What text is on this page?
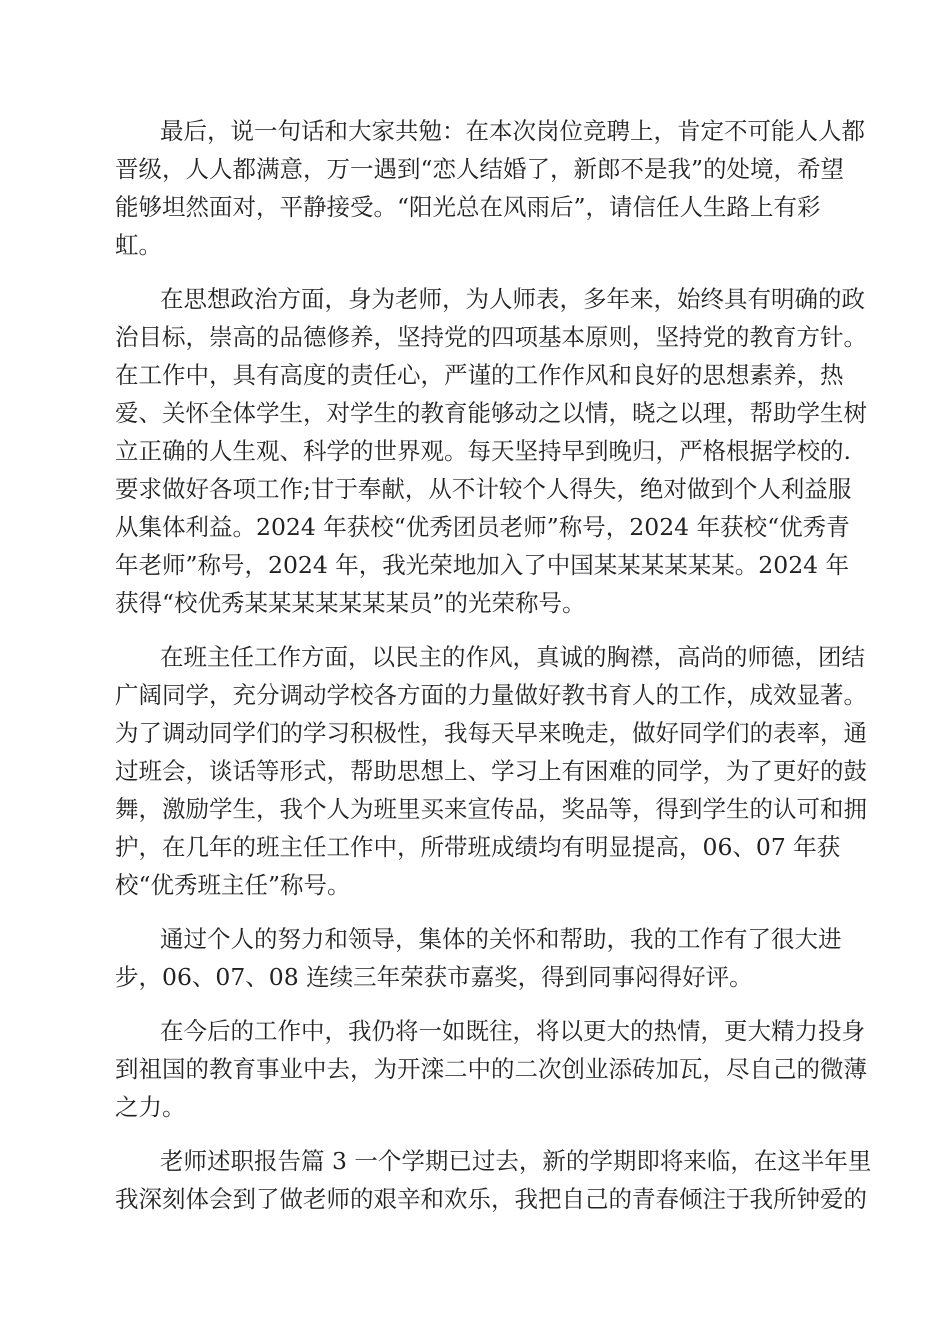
最后，说一句话和大家共勉：在本次岗位竞聘上，肯定不可能人人都
晋级，人人都满意，万一遇到“恋人结婚了，新郎不是我”的处境，希望
能够坦然面对，平静接受。“阳光总在风雨后”，请信任人生路上有彩
虹。
在思想政治方面，身为老师，为人师表，多年来，始终具有明确的政
治目标，崇高的品德修养，坚持党的四项基本原则，坚持党的教育方针。
在工作中，具有高度的责任心，严谨的工作作风和良好的思想素养，热
爱、关怀全体学生，对学生的教育能够动之以情，晓之以理，帮助学生树
立正确的人生观、科学的世界观。每天坚持早到晚归，严格根据学校的.
要求做好各项工作;甘于奉献，从不计较个人得失，绝对做到个人利益服
从集体利益。2024 年获校“优秀团员老师”称号，2024 年获校“优秀青
年老师”称号，2024 年，我光荣地加入了中国某某某某某某。2024 年
获得“校优秀某某某某某某某员”的光荣称号。
在班主任工作方面，以民主的作风，真诚的胸襟，高尚的师德，团结
广阔同学，充分调动学校各方面的力量做好教书育人的工作，成效显著。
为了调动同学们的学习积极性，我每天早来晚走，做好同学们的表率，通
过班会，谈话等形式，帮助思想上、学习上有困难的同学，为了更好的鼓
舞，激励学生，我个人为班里买来宣传品，奖品等，得到学生的认可和拥
护，在几年的班主任工作中，所带班成绩均有明显提高，06、07 年获
校“优秀班主任”称号。
通过个人的努力和领导，集体的关怀和帮助，我的工作有了很大进
步，06、07、08 连续三年荣获市嘉奖，得到同事闷得好评。
在今后的工作中，我仍将一如既往，将以更大的热情，更大精力投身
到祖国的教育事业中去，为开滦二中的二次创业添砖加瓦，尽自己的微薄
之力。
老师述职报告篇 3 一个学期已过去，新的学期即将来临，在这半年里
我深刻体会到了做老师的艰辛和欢乐，我把自己的青春倾注于我所钟爱的
